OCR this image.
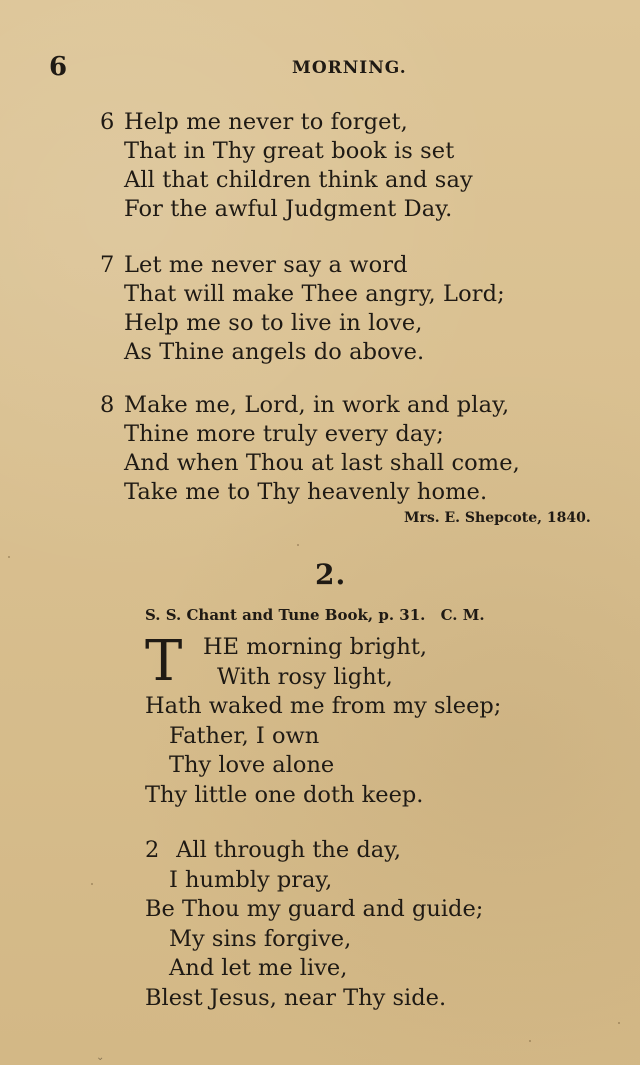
⌄
6	MORNING.
6 Help me never to forget,
That in Thy great book is set
All that children think and say
For the awful Judgment Day.
7 Let me never say a word
That will make Thee angry, Lord;
Help me so to live in love,
As Thine angels do above.
8 Make me, Lord, in work and play,
Thine more truly every day;
And when Thou at last shall come,
Take me to Thy heavenly home.
Mrs. E. Shepcote, 1840.
2.
S. S. Chant and Tune Book, p. 31. C. M.
T HE morning bright,
With rosy light,
Hath waked me from my sleep;
Father, I own
Thy love alone
Thy little one doth keep.
2 All through the day,
I humbly pray,
Be Thou my guard and guide;
My sins forgive,
And let me live,
Blest Jesus, near Thy side.
